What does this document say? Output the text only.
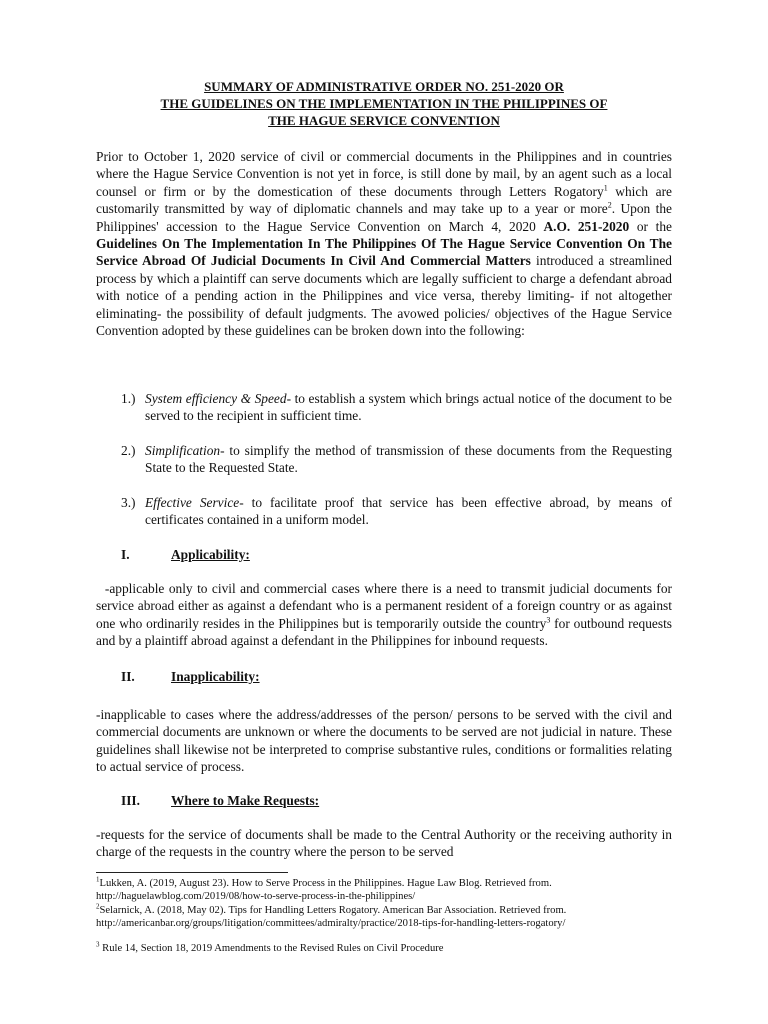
SUMMARY OF ADMINISTRATIVE ORDER NO. 251-2020 OR
THE GUIDELINES ON THE IMPLEMENTATION IN THE PHILIPPINES OF
THE HAGUE SERVICE CONVENTION
Prior to October 1, 2020 service of civil or commercial documents in the Philippines and in countries where the Hague Service Convention is not yet in force, is still done by mail, by an agent such as a local counsel or firm or by the domestication of these documents through Letters Rogatory$^1$ which are customarily transmitted by way of diplomatic channels and may take up to a year or more$^2$. Upon the Philippines' accession to the Hague Service Convention on March 4, 2020 A.O. 251-2020 or the Guidelines On The Implementation In The Philippines Of The Hague Service Convention On The Service Abroad Of Judicial Documents In Civil And Commercial Matters introduced a streamlined process by which a plaintiff can serve documents which are legally sufficient to charge a defendant abroad with notice of a pending action in the Philippines and vice versa, thereby limiting- if not altogether eliminating- the possibility of default judgments. The avowed policies/ objectives of the Hague Service Convention adopted by these guidelines can be broken down into the following:
1.) System efficiency & Speed- to establish a system which brings actual notice of the document to be served to the recipient in sufficient time.
2.) Simplification- to simplify the method of transmission of these documents from the Requesting State to the Requested State.
3.) Effective Service- to facilitate proof that service has been effective abroad, by means of certificates contained in a uniform model.
I.	Applicability:
-applicable only to civil and commercial cases where there is a need to transmit judicial documents for service abroad either as against a defendant who is a permanent resident of a foreign country or as against one who ordinarily resides in the Philippines but is temporarily outside the country$^3$ for outbound requests and by a plaintiff abroad against a defendant in the Philippines for inbound requests.
II.	Inapplicability:
-inapplicable to cases where the address/addresses of the person/ persons to be served with the civil and commercial documents are unknown or where the documents to be served are not judicial in nature. These guidelines shall likewise not be interpreted to comprise substantive rules, conditions or formalities relating to actual service of process.
III. Where to Make Requests:
-requests for the service of documents shall be made to the Central Authority or the receiving authority in charge of the requests in the country where the person to be served
$^1$Lukken, A. (2019, August 23). How to Serve Process in the Philippines. Hague Law Blog. Retrieved from. http://haguelawblog.com/2019/08/how-to-serve-process-in-the-philippines/
$^2$Selarnick, A. (2018, May 02). Tips for Handling Letters Rogatory. American Bar Association. Retrieved from. http://americanbar.org/groups/litigation/committees/admiralty/practice/2018-tips-for-handling-letters-rogatory/
$^3$ Rule 14, Section 18, 2019 Amendments to the Revised Rules on Civil Procedure
